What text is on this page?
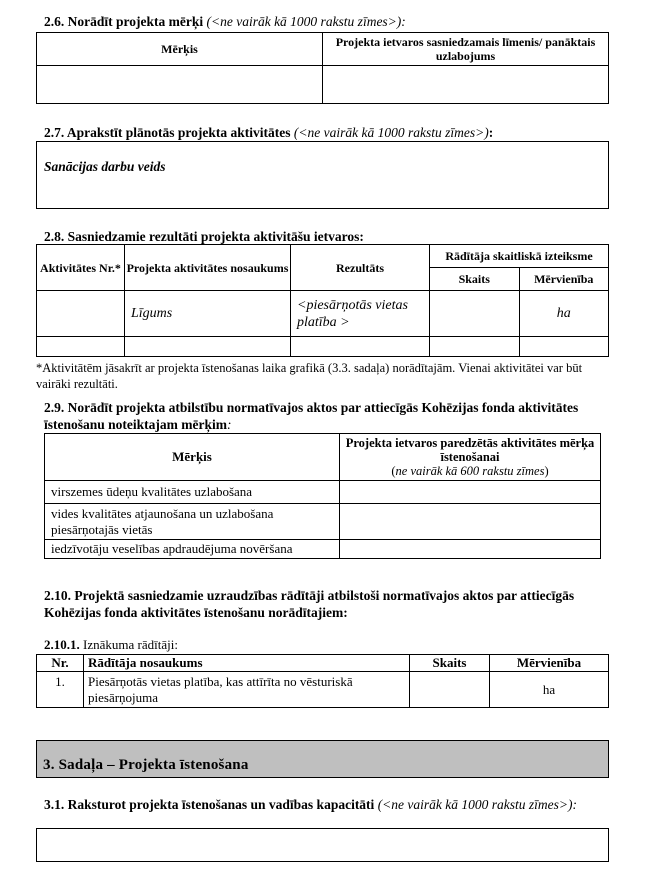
2.6. Norādīt projekta mērķi (<ne vairāk kā 1000 rakstu zīmes>):
Mērķis	Projekta ietvaros sasniedzamais līmenis/ panāktais uzlabojums

2.7. Aprakstīt plānotās projekta aktivitātes (<ne vairāk kā 1000 rakstu zīmes>):
Sanācijas darbu veids
2.8. Sasniedzamie rezultāti projekta aktivitāšu ietvaros:
Aktivitātes Nr.*	Projekta aktivitātes nosaukums	Rezultāts	Rādītāja skaitliskā izteiksme	
			Skaits	Mērvienība
	Līgums	<piesārņotās vietas platība >		ha

*Aktivitātēm jāsakrīt ar projekta īstenošanas laika grafikā (3.3. sadaļa) norādītajām. Vienai aktivitātei var būt vairāki rezultāti.
2.9. Norādīt projekta atbilstību normatīvajos aktos par attiecīgās Kohēzijas fonda aktivitātes īstenošanu noteiktajam mērķim:
Mērķis	Projekta ietvaros paredzētās aktivitātes mērķa īstenošanai
(ne vairāk kā 600 rakstu zīmes)

virszemes ūdeņu kvalitātes uzlabošana	
vides kvalitātes atjaunošana un uzlabošana piesārņotajās vietās	
iedzīvotāju veselības apdraudējuma novēršana	
2.10. Projektā sasniedzamie uzraudzības rādītāji atbilstoši normatīvajos aktos par attiecīgās Kohēzijas fonda aktivitātes īstenošanu norādītajiem:
2.10.1. Iznākuma rādītāji:
Nr.	Rādītāja nosaukums	Skaits	Mērvienība
1.	Piesārņotās vietas platība, kas attīrīta no vēsturiskā piesārņojuma		ha
3. Sadaļa – Projekta īstenošana
3.1. Raksturot projekta īstenošanas un vadības kapacitāti (<ne vairāk kā 1000 rakstu zīmes>):
